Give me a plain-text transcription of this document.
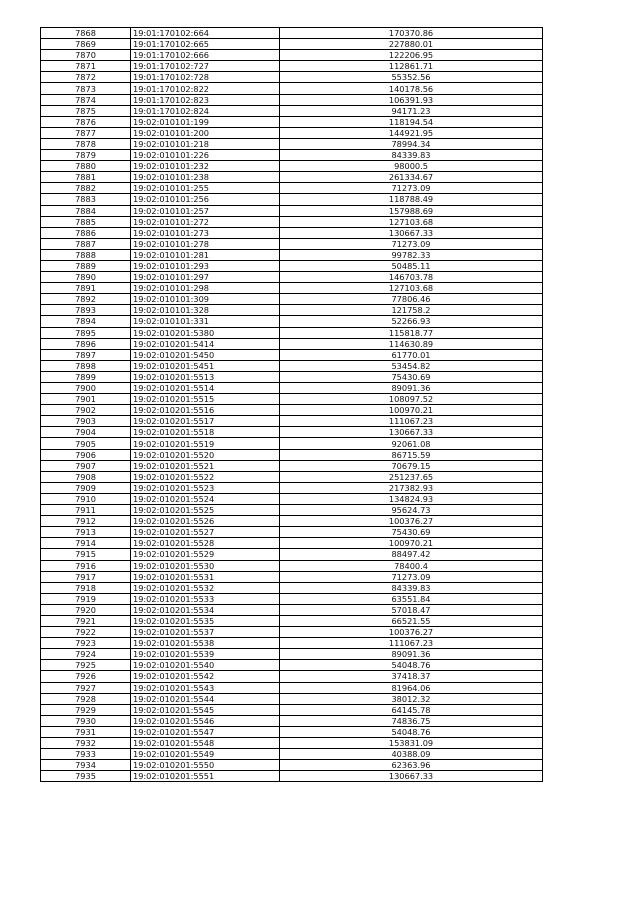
7868	19:01:170102:664	170370.86
7869	19:01:170102:665	227880.01
7870	19:01:170102:666	122206.95
7871	19:01:170102:727	112861.71
7872	19:01:170102:728	55352.56
7873	19:01:170102:822	140178.56
7874	19:01:170102:823	106391.93
7875	19:01:170102:824	94171.23
7876	19:02:010101:199	118194.54
7877	19:02:010101:200	144921.95
7878	19:02:010101:218	78994.34
7879	19:02:010101:226	84339.83
7880	19:02:010101:232	98000.5
7881	19:02:010101:238	261334.67
7882	19:02:010101:255	71273.09
7883	19:02:010101:256	118788.49
7884	19:02:010101:257	157988.69
7885	19:02:010101:272	127103.68
7886	19:02:010101:273	130667.33
7887	19:02:010101:278	71273.09
7888	19:02:010101:281	99782.33
7889	19:02:010101:293	50485.11
7890	19:02:010101:297	146703.78
7891	19:02:010101:298	127103.68
7892	19:02:010101:309	77806.46
7893	19:02:010101:328	121758.2
7894	19:02:010101:331	52266.93
7895	19:02:010201:5380	115818.77
7896	19:02:010201:5414	114630.89
7897	19:02:010201:5450	61770.01
7898	19:02:010201:5451	53454.82
7899	19:02:010201:5513	75430.69
7900	19:02:010201:5514	89091.36
7901	19:02:010201:5515	108097.52
7902	19:02:010201:5516	100970.21
7903	19:02:010201:5517	111067.23
7904	19:02:010201:5518	130667.33
7905	19:02:010201:5519	92061.08
7906	19:02:010201:5520	86715.59
7907	19:02:010201:5521	70679.15
7908	19:02:010201:5522	251237.65
7909	19:02:010201:5523	217382.93
7910	19:02:010201:5524	134824.93
7911	19:02:010201:5525	95624.73
7912	19:02:010201:5526	100376.27
7913	19:02:010201:5527	75430.69
7914	19:02:010201:5528	100970.21
7915	19:02:010201:5529	88497.42
7916	19:02:010201:5530	78400.4
7917	19:02:010201:5531	71273.09
7918	19:02:010201:5532	84339.83
7919	19:02:010201:5533	63551.84
7920	19:02:010201:5534	57018.47
7921	19:02:010201:5535	66521.55
7922	19:02:010201:5537	100376.27
7923	19:02:010201:5538	111067.23
7924	19:02:010201:5539	89091.36
7925	19:02:010201:5540	54048.76
7926	19:02:010201:5542	37418.37
7927	19:02:010201:5543	81964.06
7928	19:02:010201:5544	38012.32
7929	19:02:010201:5545	64145.78
7930	19:02:010201:5546	74836.75
7931	19:02:010201:5547	54048.76
7932	19:02:010201:5548	153831.09
7933	19:02:010201:5549	40388.09
7934	19:02:010201:5550	62363.96
7935	19:02:010201:5551	130667.33
